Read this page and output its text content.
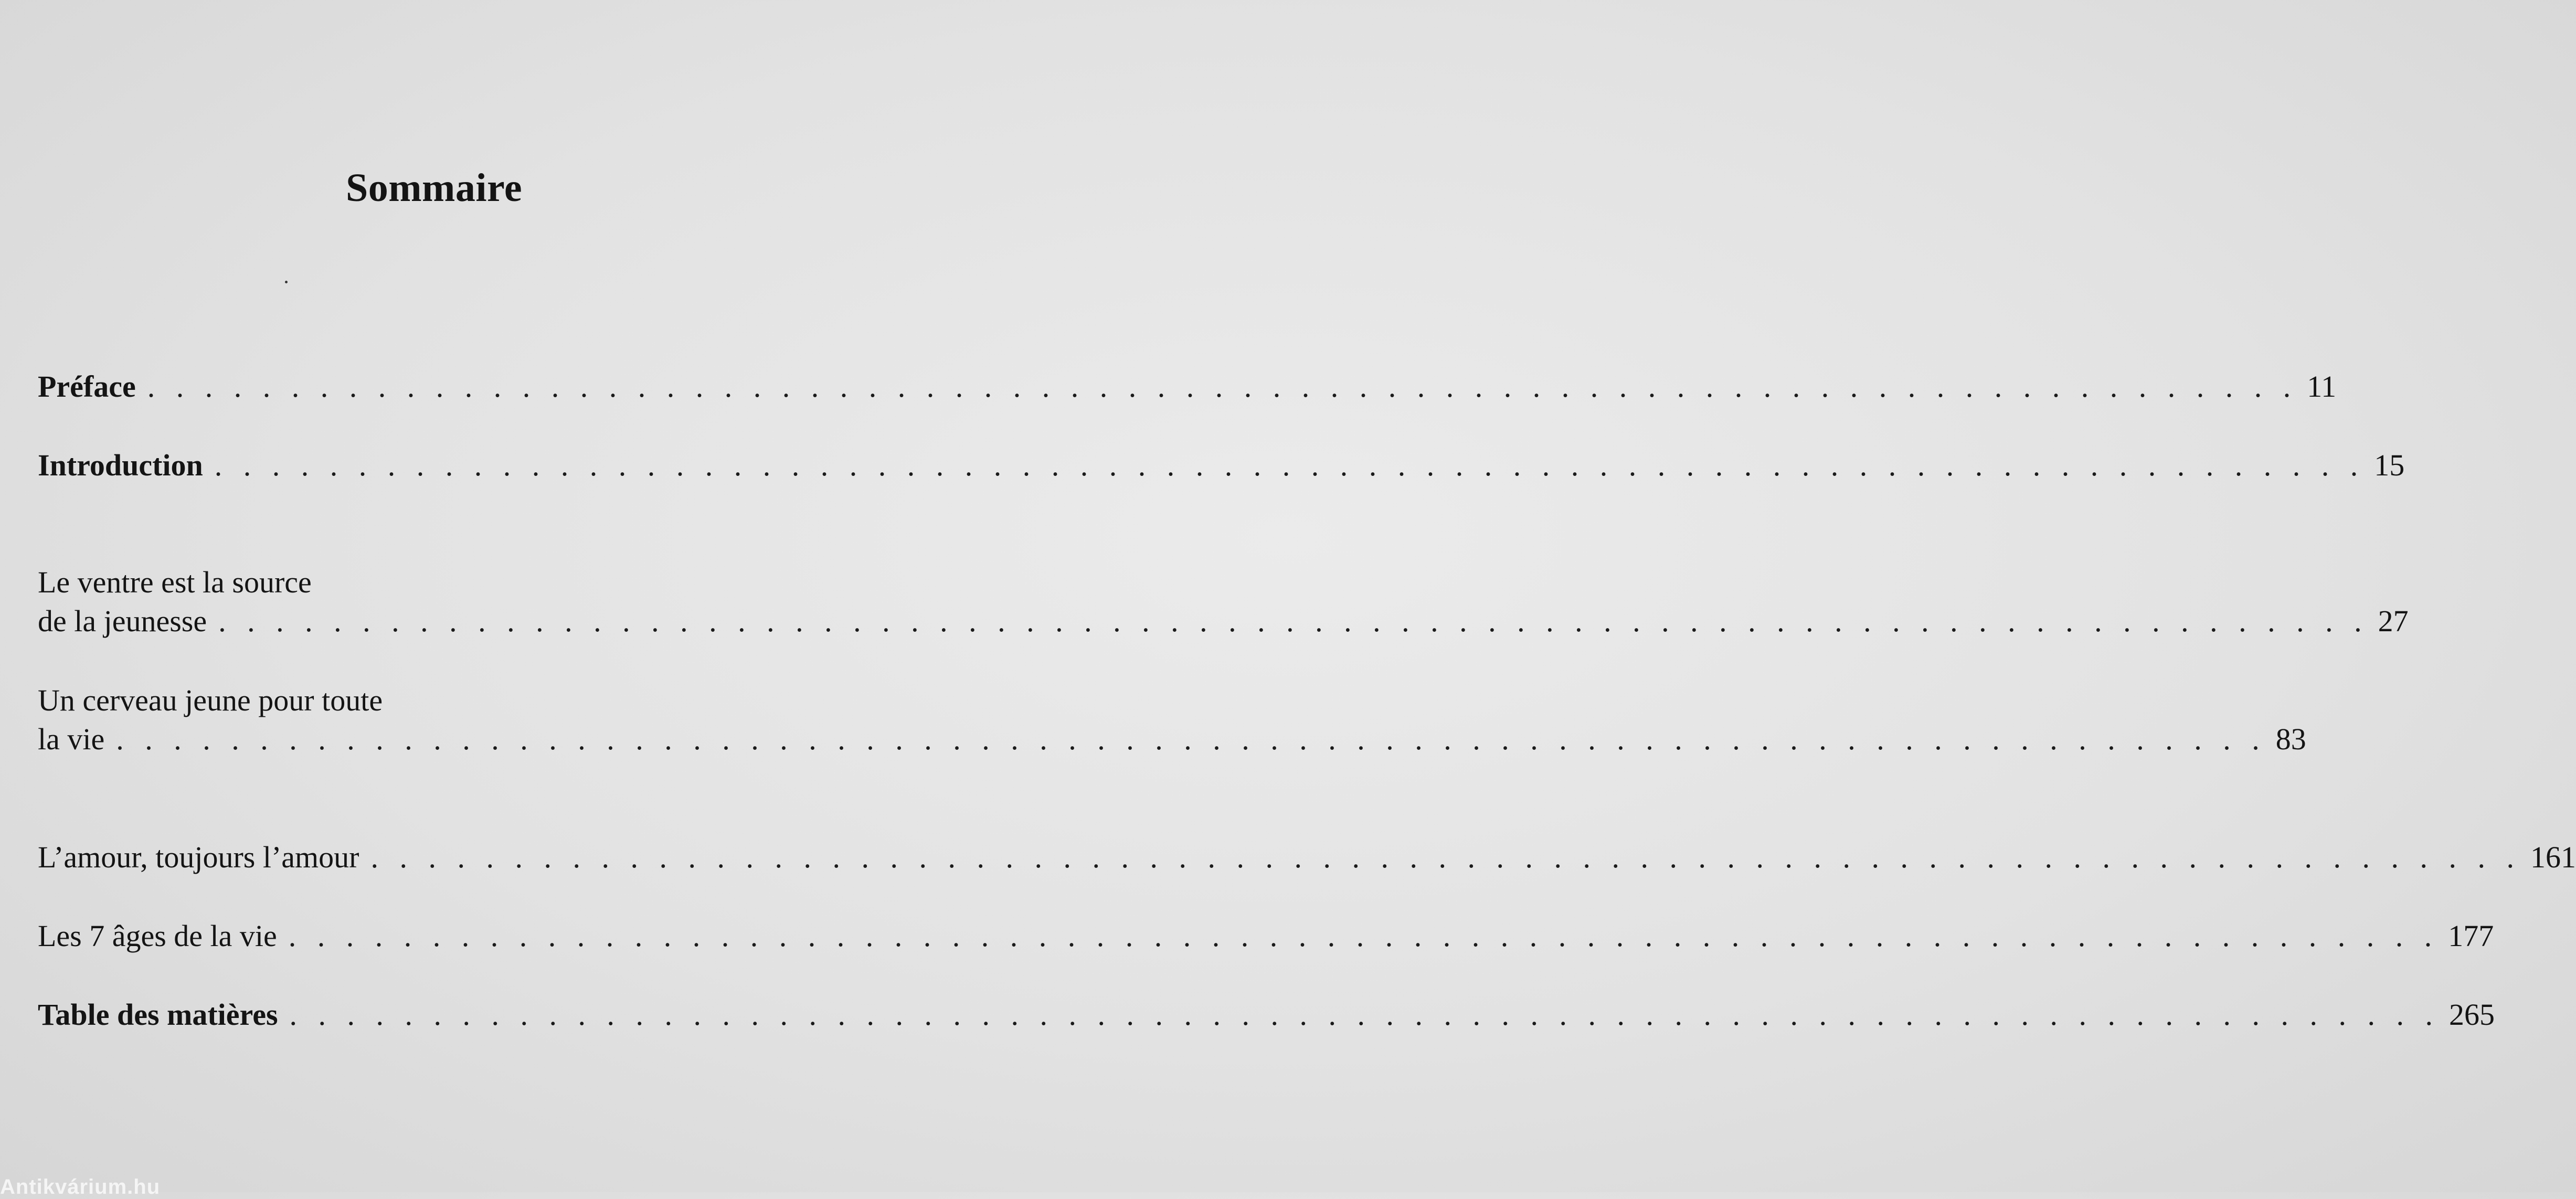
Sommaire
Préface . . . . . . . . . . . . . . . . . . . . . . . . . . . . . . . . . . . . . . . . . . . . . . . . . . . . . . . . . . . . . . . . . . . . . . . . . . . 11
Introduction . . . . . . . . . . . . . . . . . . . . . . . . . . . . . . . . . . . . . . . . . . . . . . . . . . . . . . . . . . . . . . . . . . . . . . . . . . . 15
Le ventre est la source
de la jeunesse . . . . . . . . . . . . . . . . . . . . . . . . . . . . . . . . . . . . . . . . . . . . . . . . . . . . . . . . . . . . . . . . . . . . . . . . . . . 27
Un cerveau jeune pour toute
la vie . . . . . . . . . . . . . . . . . . . . . . . . . . . . . . . . . . . . . . . . . . . . . . . . . . . . . . . . . . . . . . . . . . . . . . . . . . . 83
L’amour, toujours l’amour . . . . . . . . . . . . . . . . . . . . . . . . . . . . . . . . . . . . . . . . . . . . . . . . . . . . . . . . . . . . . . . . . . . . . . . . . . . 161
Les 7 âges de la vie . . . . . . . . . . . . . . . . . . . . . . . . . . . . . . . . . . . . . . . . . . . . . . . . . . . . . . . . . . . . . . . . . . . . . . . . . . . 177
Table des matières . . . . . . . . . . . . . . . . . . . . . . . . . . . . . . . . . . . . . . . . . . . . . . . . . . . . . . . . . . . . . . . . . . . . . . . . . . . 265
Antikvárium.hu
